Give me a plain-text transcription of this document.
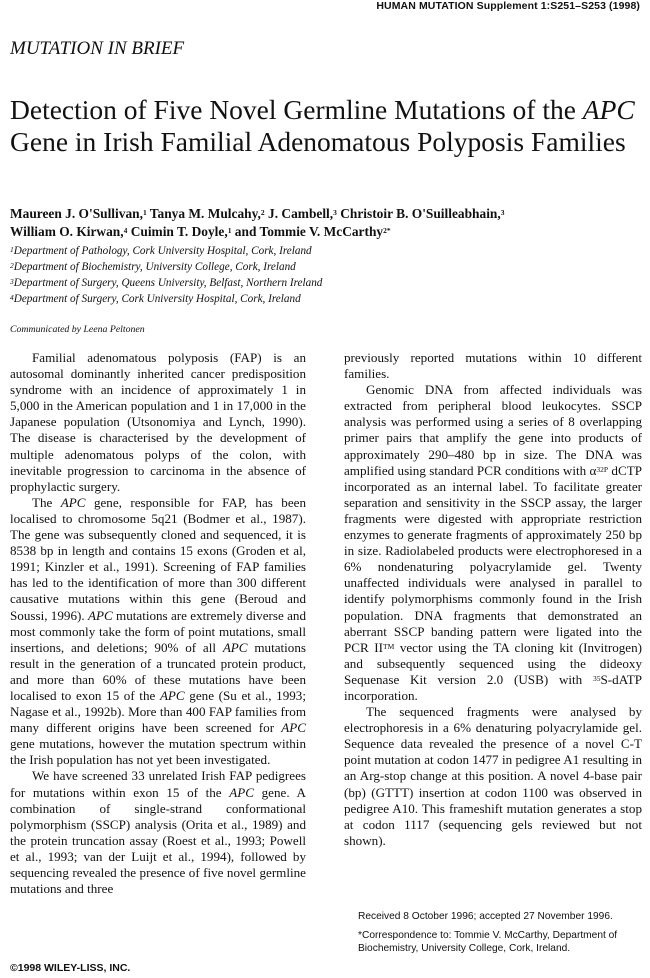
HUMAN MUTATION Supplement 1:S251–S253 (1998)
MUTATION IN BRIEF
Detection of Five Novel Germline Mutations of the APC Gene in Irish Familial Adenomatous Polyposis Families
Maureen J. O'Sullivan,$^1$ Tanya M. Mulcahy,$^2$ J. Cambell,$^3$ Christoir B. O'Suilleabhain,$^3$
William O. Kirwan,$^4$ Cuimin T. Doyle,$^1$ and Tommie V. McCarthy$^{2*}$
$^1$Department of Pathology, Cork University Hospital, Cork, Ireland
$^2$Department of Biochemistry, University College, Cork, Ireland
$^3$Department of Surgery, Queens University, Belfast, Northern Ireland
$^4$Department of Surgery, Cork University Hospital, Cork, Ireland
Communicated by Leena Peltonen

Familial adenomatous polyposis (FAP) is an autosomal dominantly inherited cancer predisposition syndrome with an incidence of approximately 1 in 5,000 in the American population and 1 in 17,000 in the Japanese population (Utsonomiya and Lynch, 1990). The disease is characterised by the development of multiple adenomatous polyps of the colon, with inevitable progression to carcinoma in the absence of prophylactic surgery.

The APC gene, responsible for FAP, has been localised to chromosome 5q21 (Bodmer et al., 1987). The gene was subsequently cloned and sequenced, it is 8538 bp in length and contains 15 exons (Groden et al, 1991; Kinzler et al., 1991). Screening of FAP families has led to the identification of more than 300 different causative mutations within this gene (Beroud and Soussi, 1996). APC mutations are extremely diverse and most commonly take the form of point mutations, small insertions, and deletions; 90% of all APC mutations result in the generation of a truncated protein product, and more than 60% of these mutations have been localised to exon 15 of the APC gene (Su et al., 1993; Nagase et al., 1992b). More than 400 FAP families from many different origins have been screened for APC gene mutations, however the mutation spectrum within the Irish population has not yet been investigated.

We have screened 33 unrelated Irish FAP pedigrees for mutations within exon 15 of the APC gene. A combination of single-strand conformational polymorphism (SSCP) analysis (Orita et al., 1989) and the protein truncation assay (Roest et al., 1993; Powell et al., 1993; van der Luijt et al., 1994), followed by sequencing revealed the presence of five novel germline mutations and three

previously reported mutations within 10 different families.

Genomic DNA from affected individuals was extracted from peripheral blood leukocytes. SSCP analysis was performed using a series of 8 overlapping primer pairs that amplify the gene into products of approximately 290–480 bp in size. The DNA was amplified using standard PCR conditions with $\alpha^{32P}$ dCTP incorporated as an internal label. To facilitate greater separation and sensitivity in the SSCP assay, the larger fragments were digested with appropriate restriction enzymes to generate fragments of approximately 250 bp in size. Radiolabeled products were electrophoresed in a 6% nondenaturing polyacrylamide gel. Twenty unaffected individuals were analysed in parallel to identify polymorphisms commonly found in the Irish population. DNA fragments that demonstrated an aberrant SSCP banding pattern were ligated into the PCR II™ vector using the TA cloning kit (Invitrogen) and subsequently sequenced using the dideoxy Sequenase Kit version 2.0 (USB) with $^{35}$S-dATP incorporation.

The sequenced fragments were analysed by electrophoresis in a 6% denaturing polyacrylamide gel. Sequence data revealed the presence of a novel C-T point mutation at codon 1477 in pedigree A1 resulting in an Arg-stop change at this position. A novel 4-base pair (bp) (GTTT) insertion at codon 1100 was observed in pedigree A10. This frameshift mutation generates a stop at codon 1117 (sequencing gels reviewed but not shown).

Received 8 October 1996; accepted 27 November 1996.
*Correspondence to: Tommie V. McCarthy, Department of Biochemistry, University College, Cork, Ireland.
©1998 WILEY-LISS, INC.
